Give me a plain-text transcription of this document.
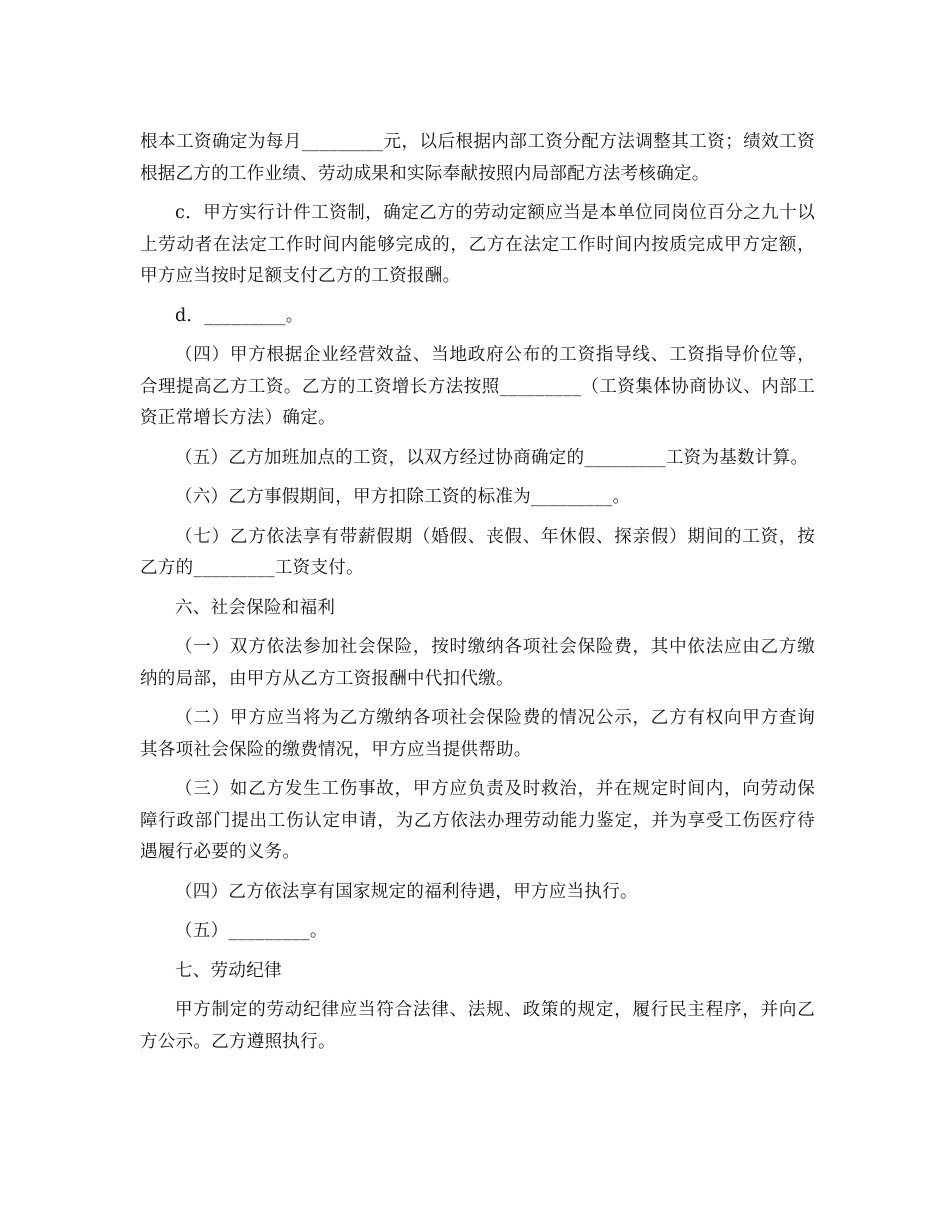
根本工资确定为每月_________元，以后根据内部工资分配方法调整其工资；绩效工资根据乙方的工作业绩、劳动成果和实际奉献按照内局部配方法考核确定。

c．甲方实行计件工资制，确定乙方的劳动定额应当是本单位同岗位百分之九十以上劳动者在法定工作时间内能够完成的，乙方在法定工作时间内按质完成甲方定额，甲方应当按时足额支付乙方的工资报酬。

d．_________。

（四）甲方根据企业经营效益、当地政府公布的工资指导线、工资指导价位等，合理提高乙方工资。乙方的工资增长方法按照_________（工资集体协商协议、内部工资正常增长方法）确定。

（五）乙方加班加点的工资，以双方经过协商确定的_________工资为基数计算。

（六）乙方事假期间，甲方扣除工资的标准为_________。

（七）乙方依法享有带薪假期（婚假、丧假、年休假、探亲假）期间的工资，按乙方的_________工资支付。

六、社会保险和福利

（一）双方依法参加社会保险，按时缴纳各项社会保险费，其中依法应由乙方缴纳的局部，由甲方从乙方工资报酬中代扣代缴。

（二）甲方应当将为乙方缴纳各项社会保险费的情况公示，乙方有权向甲方查询其各项社会保险的缴费情况，甲方应当提供帮助。

（三）如乙方发生工伤事故，甲方应负责及时救治，并在规定时间内，向劳动保障行政部门提出工伤认定申请，为乙方依法办理劳动能力鉴定，并为享受工伤医疗待遇履行必要的义务。

（四）乙方依法享有国家规定的福利待遇，甲方应当执行。

（五）_________。

七、劳动纪律

甲方制定的劳动纪律应当符合法律、法规、政策的规定，履行民主程序，并向乙方公示。乙方遵照执行。
